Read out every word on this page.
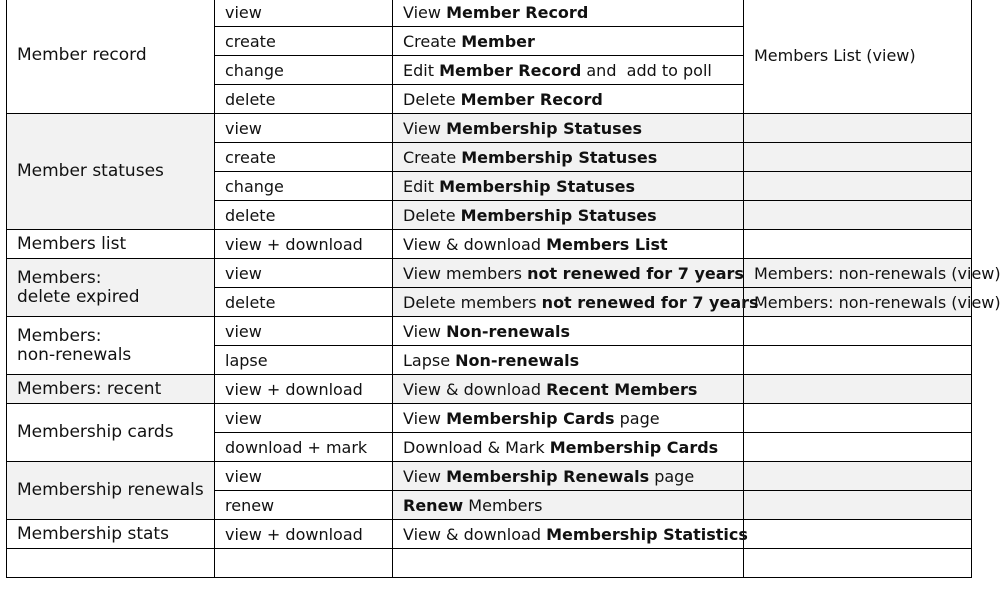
Member record	view	View Member Record	Members List (view)
	create	Create Member	
	change	Edit Member Record and  add to poll	
	delete	Delete Member Record	
Member statuses	view	View Membership Statuses	
	create	Create Membership Statuses	
	change	Edit Membership Statuses	
	delete	Delete Membership Statuses	
Members list	view + download	View & download Members List	
Members:
delete expired	view	View members not renewed for 7 years	Members: non-renewals (view)
	delete	Delete members not renewed for 7 years	Members: non-renewals (view)
Members:
non-renewals	view	View Non-renewals	
	lapse	Lapse Non-renewals	
Members: recent	view + download	View & download Recent Members	
Membership cards	view	View Membership Cards page	
	download + mark	Download & Mark Membership Cards	
Membership renewals	view	View Membership Renewals page	
	renew	Renew Members	
Membership stats	view + download	View & download Membership Statistics	
